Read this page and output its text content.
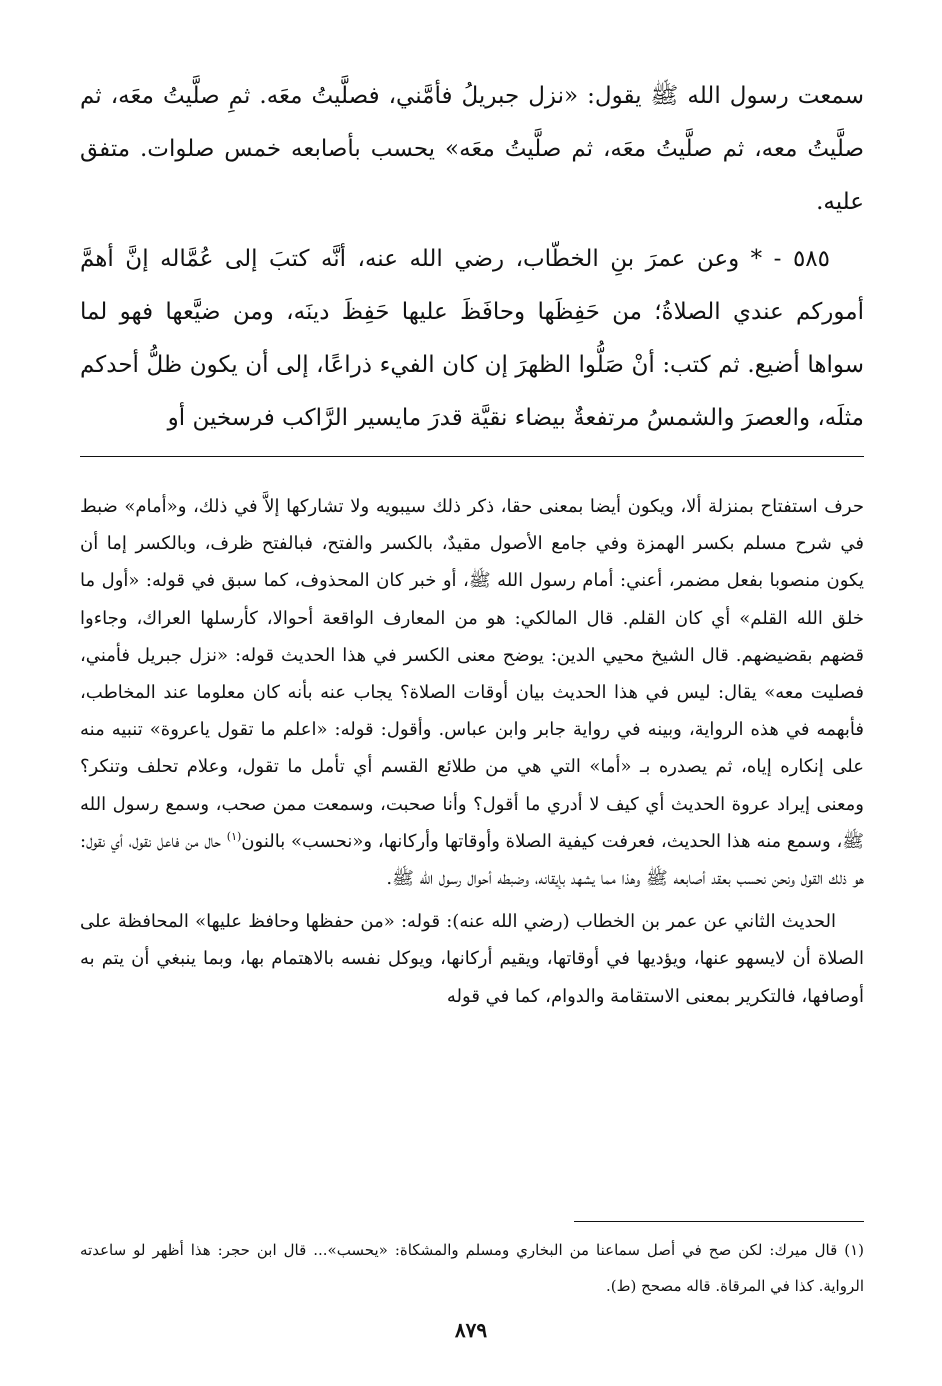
سمعت رسول الله ﷺ يقول: «نزل جبريلُ فأمَّني، فصلَّيتُ معَه. ثمِ صلَّيتُ معَه، ثم صلَّيتُ معه، ثم صلَّيتُ معَه، ثم صلَّيتُ معَه» يحسب بأصابعه خمس صلوات. متفق عليه.

٥٨٥ - * وعن عمرَ بنِ الخطّاب، رضي الله عنه، أنَّه كتبَ إلى عُمَّاله إنَّ أهمَّ أموركم عندي الصلاةُ؛ من حَفِظَها وحافَظَ عليها حَفِظَ دينَه، ومن ضيَّعها فهو لما سواها أضيع. ثم كتب: أنْ صَلُّوا الظهرَ إن كان الفيء ذراعًا، إلى أن يكون ظلُّ أحدكم مثلَه، والعصرَ والشمسُ مرتفعةٌ بيضاء نقيَّة قدرَ مايسير الرَّاكب فرسخين أو

حرف استفتاح بمنزلة ألا، ويكون أيضا بمعنى حقا، ذكر ذلك سيبويه ولا تشاركها إلاَّ في ذلك، و«أمام» ضبط في شرح مسلم بكسر الهمزة وفي جامع الأصول مقيدٌ، بالكسر والفتح، فبالفتح ظرف، وبالكسر إما أن يكون منصوبا بفعل مضمر، أعني: أمام رسول الله ﷺ، أو خبر كان المحذوف، كما سبق في قوله: «أول ما خلق الله القلم» أي كان القلم. قال المالكي: هو من المعارف الواقعة أحوالا، كأرسلها العراك، وجاءوا قضهم بقضيضهم. قال الشيخ محيي الدين: يوضح معنى الكسر في هذا الحديث قوله: «نزل جبريل فأمني، فصليت معه» يقال: ليس في هذا الحديث بيان أوقات الصلاة؟ يجاب عنه بأنه كان معلوما عند المخاطب، فأبهمه في هذه الرواية، وبينه في رواية جابر وابن عباس. وأقول: قوله: «اعلم ما تقول ياعروة» تنبيه منه على إنكاره إياه، ثم يصدره بـ «أما» التي هي من طلائع القسم أي تأمل ما تقول، وعلام تحلف وتنكر؟ ومعنى إيراد عروة الحديث أي كيف لا أدري ما أقول؟ وأنا صحبت، وسمعت ممن صحب، وسمع رسول الله ﷺ، وسمع منه هذا الحديث، فعرفت كيفية الصلاة وأوقاتها وأركانها، و«نحسب» بالنون$^{(١)}$ حال من فاعل نقول، أي نقول: هو ذلك القول ونحن نحسب بعقد أصابعه ﷺ وهذا مما يشهد بإيقانه، وضبطه أحوال رسول الله ﷺ.

الحديث الثاني عن عمر بن الخطاب (رضي الله عنه): قوله: «من حفظها وحافظ عليها» المحافظة على الصلاة أن لايسهو عنها، ويؤديها في أوقاتها، ويقيم أركانها، ويوكل نفسه بالاهتمام بها، وبما ينبغي أن يتم به أوصافها، فالتكرير بمعنى الاستقامة والدوام، كما في قوله

(١) قال ميرك: لكن صح في أصل سماعنا من البخاري ومسلم والمشكاة: «يحسب»... قال ابن حجر: هذا أظهر لو ساعدته الرواية. كذا في المرقاة. قاله مصحح (ط).

٨٧٩
